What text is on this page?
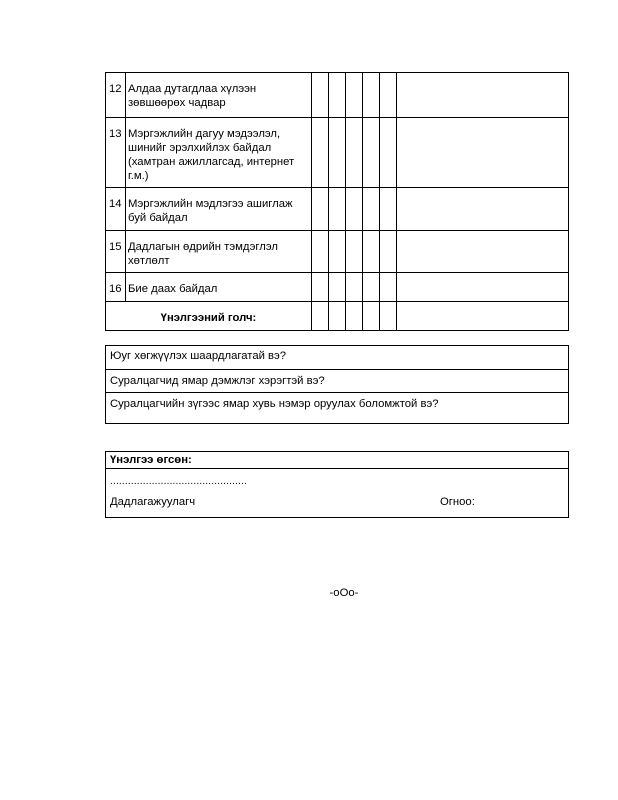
12	Алдаа дутагдлаа хүлээн зөвшөөрөх чадвар						
13	Мэргэжлийн дагуу мэдээлэл, шинийг эрэлхийлэх байдал (хамтран ажиллагсад, интернет г.м.)						
14	Мэргэжлийн мэдлэгээ ашиглаж буй байдал						
15	Дадлагын өдрийн тэмдэглэл хөтлөлт						
16	Бие даах байдал						
Үнэлгээний голч:							
Юуг хөгжүүлэх шаардлагатай вэ?
Суралцагчид ямар дэмжлэг хэрэгтэй вэ?
Суралцагчийн зүгээс ямар хувь нэмэр оруулах боломжтой вэ?
Үнэлгээ өгсөн:
..............................................
Дадлагажуулагч	Огноо:
-oOo-
